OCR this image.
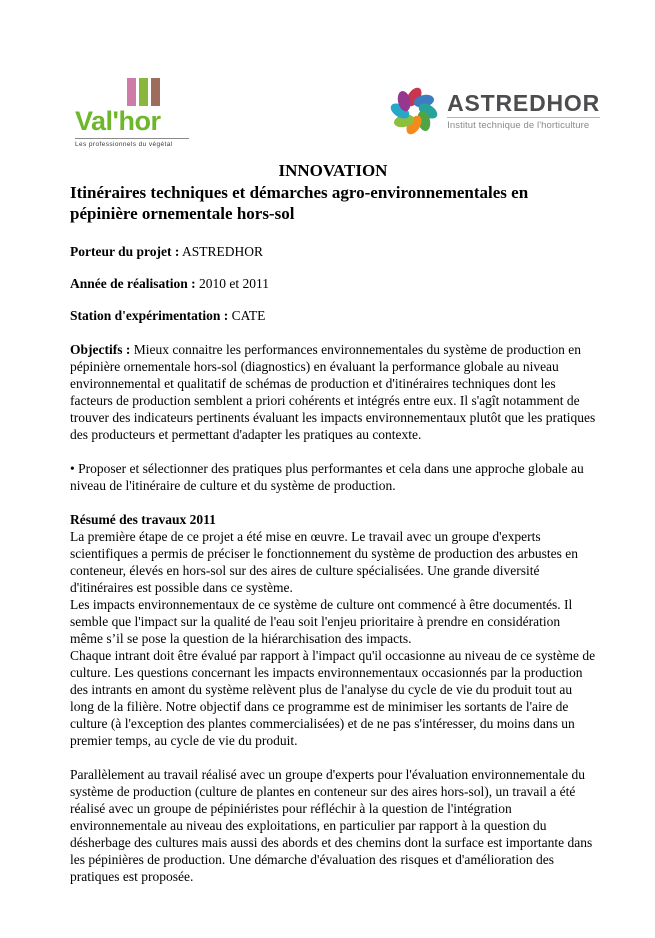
Val'hor
Les professionnels du végétal
ASTREDHOR
Institut technique de l'horticulture
INNOVATION
Itinéraires techniques et démarches agro-environnementales en pépinière ornementale hors-sol

Porteur du projet : ASTREDHOR

Année de réalisation : 2010 et 2011

Station d'expérimentation : CATE

Objectifs : Mieux connaitre les performances environnementales du système de production en pépinière ornementale hors-sol (diagnostics) en évaluant la performance globale au niveau environnemental et qualitatif de schémas de production et d'itinéraires techniques dont les facteurs de production semblent a priori cohérents et intégrés entre eux. Il s'agît notamment de trouver des indicateurs pertinents évaluant les impacts environnementaux plutôt que les pratiques des producteurs et permettant d'adapter les pratiques au contexte.

• Proposer et sélectionner des pratiques plus performantes et cela dans une approche globale au niveau de l'itinéraire de culture et du système de production.

Résumé des travaux 2011

La première étape de ce projet a été mise en œuvre. Le travail avec un groupe d'experts scientifiques a permis de préciser le fonctionnement du système de production des arbustes en conteneur, élevés en hors-sol sur des aires de culture spécialisées. Une grande diversité d'itinéraires est possible dans ce système.

Les impacts environnementaux de ce système de culture ont commencé à être documentés. Il semble que l'impact sur la qualité de l'eau soit l'enjeu prioritaire à prendre en considération même s’il se pose la question de la hiérarchisation des impacts.

Chaque intrant doit être évalué par rapport à l'impact qu'il occasionne au niveau de ce système de culture. Les questions concernant les impacts environnementaux occasionnés par la production des intrants en amont du système relèvent plus de l'analyse du cycle de vie du produit tout au long de la filière. Notre objectif dans ce programme est de minimiser les sortants de l'aire de culture (à l'exception des plantes commercialisées) et de ne pas s'intéresser, du moins dans un premier temps, au cycle de vie du produit.

Parallèlement au travail réalisé avec un groupe d'experts pour l'évaluation environnementale du système de production (culture de plantes en conteneur sur des aires hors-sol), un travail a été réalisé avec un groupe de pépiniéristes pour réfléchir à la question de l'intégration environnementale au niveau des exploitations, en particulier par rapport à la question du désherbage des cultures mais aussi des abords et des chemins dont la surface est importante dans les pépinières de production. Une démarche d'évaluation des risques et d'amélioration des pratiques est proposée.
